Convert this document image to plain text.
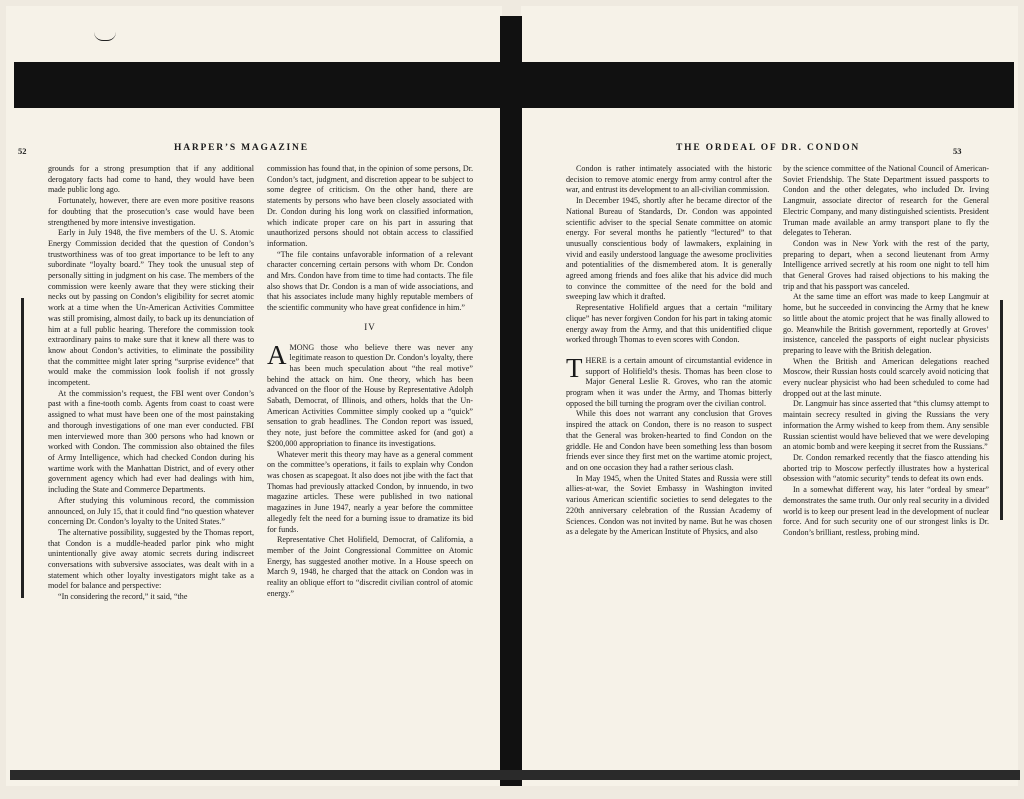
52	HARPER’S MAGAZINE

grounds for a strong presumption that if any additional derogatory facts had come to hand, they would have been made public long ago.

Fortunately, however, there are even more positive reasons for doubting that the prosecution’s case would have been strengthened by more intensive investigation.

Early in July 1948, the five members of the U. S. Atomic Energy Commission decided that the question of Condon’s trustworthiness was of too great importance to be left to any subordinate “loyalty board.” They took the unusual step of personally sitting in judgment on his case. The members of the commission were keenly aware that they were sticking their necks out by passing on Condon’s eligibility for secret atomic work at a time when the Un-American Activities Committee was still promising, almost daily, to back up its denunciation of him at a full public hearing. Therefore the commission took extraordinary pains to make sure that it knew all there was to know about Condon’s activities, to eliminate the possibility that the committee might later spring “surprise evidence” that would make the commission look foolish if not grossly incompetent.

At the commission’s request, the FBI went over Condon’s past with a fine-tooth comb. Agents from coast to coast were assigned to what must have been one of the most painstaking and thorough investigations of one man ever conducted. FBI men interviewed more than 300 persons who had known or worked with Condon. The commission also obtained the files of Army Intelligence, which had checked Condon during his wartime work with the Manhattan District, and of every other government agency which had ever had dealings with him, including the State and Commerce Departments.

After studying this voluminous record, the commission announced, on July 15, that it could find “no question whatever concerning Dr. Condon’s loyalty to the United States.”

The alternative possibility, suggested by the Thomas report, that Condon is a muddle-headed parlor pink who might unintentionally give away atomic secrets during indiscreet conversations with subversive associates, was dealt with in a statement which other loyalty investigators might take as a model for balance and perspective:

“In considering the record,” it said, “the

commission has found that, in the opinion of some persons, Dr. Condon’s tact, judgment, and discretion appear to be subject to some degree of criticism. On the other hand, there are statements by persons who have been closely associated with Dr. Condon during his long work on classified information, which indicate proper care on his part in assuring that unauthorized persons should not obtain access to classified information.

“The file contains unfavorable information of a relevant character concerning certain persons with whom Dr. Condon and Mrs. Condon have from time to time had contacts. The file also shows that Dr. Condon is a man of wide associations, and that his associates include many highly reputable members of the scientific community who have great confidence in him.”

IV

AMONG those who believe there was never any legitimate reason to question Dr. Condon’s loyalty, there has been much speculation about “the real motive” behind the attack on him. One theory, which has been advanced on the floor of the House by Representative Adolph Sabath, Democrat, of Illinois, and others, holds that the Un-American Activities Committee simply cooked up a “quick” sensation to grab headlines. The Condon report was issued, they note, just before the committee asked for (and got) a $200,000 appropriation to finance its investigations.

Whatever merit this theory may have as a general comment on the committee’s operations, it fails to explain why Condon was chosen as scapegoat. It also does not jibe with the fact that Thomas had previously attacked Condon, by innuendo, in two magazine articles. These were published in two national magazines in June 1947, nearly a year before the committee allegedly felt the need for a burning issue to dramatize its bid for funds.

Representative Chet Holifield, Democrat, of California, a member of the Joint Congressional Committee on Atomic Energy, has suggested another motive. In a House speech on March 9, 1948, he charged that the attack on Condon was in reality an oblique effort to “discredit civilian control of atomic energy.”

THE ORDEAL OF DR. CONDON	53

Condon is rather intimately associated with the historic decision to remove atomic energy from army control after the war, and entrust its development to an all-civilian commission.

In December 1945, shortly after he became director of the National Bureau of Standards, Dr. Condon was appointed scientific adviser to the special Senate committee on atomic energy. For several months he patiently “lectured” to that unusually conscientious body of lawmakers, explaining in vivid and easily understood language the awesome proclivities and potentialities of the dismembered atom. It is generally agreed among friends and foes alike that his advice did much to convince the committee of the need for the bold and sweeping law which it drafted.

Representative Holifield argues that a certain “military clique” has never forgiven Condon for his part in taking atomic energy away from the Army, and that this unidentified clique worked through Thomas to even scores with Condon.

THERE is a certain amount of circumstantial evidence in support of Holifield’s thesis. Thomas has been close to Major General Leslie R. Groves, who ran the atomic program when it was under the Army, and Thomas bitterly opposed the bill turning the program over the civilian control.

While this does not warrant any conclusion that Groves inspired the attack on Condon, there is no reason to suspect that the General was broken-hearted to find Condon on the griddle. He and Condon have been something less than bosom friends ever since they first met on the wartime atomic project, and on one occasion they had a rather serious clash.

In May 1945, when the United States and Russia were still allies-at-war, the Soviet Embassy in Washington invited various American scientific societies to send delegates to the 220th anniversary celebration of the Russian Academy of Sciences. Condon was not invited by name. But he was chosen as a delegate by the American Institute of Physics, and also

by the science committee of the National Council of American-Soviet Friendship. The State Department issued passports to Condon and the other delegates, who included Dr. Irving Langmuir, associate director of research for the General Electric Company, and many distinguished scientists. President Truman made available an army transport plane to fly the delegates to Teheran.

Condon was in New York with the rest of the party, preparing to depart, when a second lieutenant from Army Intelligence arrived secretly at his room one night to tell him that General Groves had raised objections to his making the trip and that his passport was canceled.

At the same time an effort was made to keep Langmuir at home, but he succeeded in convincing the Army that he knew so little about the atomic project that he was finally allowed to go. Meanwhile the British government, reportedly at Groves’ insistence, canceled the passports of eight nuclear physicists preparing to leave with the British delegation.

When the British and American delegations reached Moscow, their Russian hosts could scarcely avoid noticing that every nuclear physicist who had been scheduled to come had dropped out at the last minute.

Dr. Langmuir has since asserted that “this clumsy attempt to maintain secrecy resulted in giving the Russians the very information the Army wished to keep from them. Any sensible Russian scientist would have believed that we were developing an atomic bomb and were keeping it secret from the Russians.”

Dr. Condon remarked recently that the fiasco attending his aborted trip to Moscow perfectly illustrates how a hysterical obsession with “atomic security” tends to defeat its own ends.

In a somewhat different way, his later “ordeal by smear” demonstrates the same truth. Our only real security in a divided world is to keep our present lead in the development of nuclear force. And for such security one of our strongest links is Dr. Condon’s brilliant, restless, probing mind.
